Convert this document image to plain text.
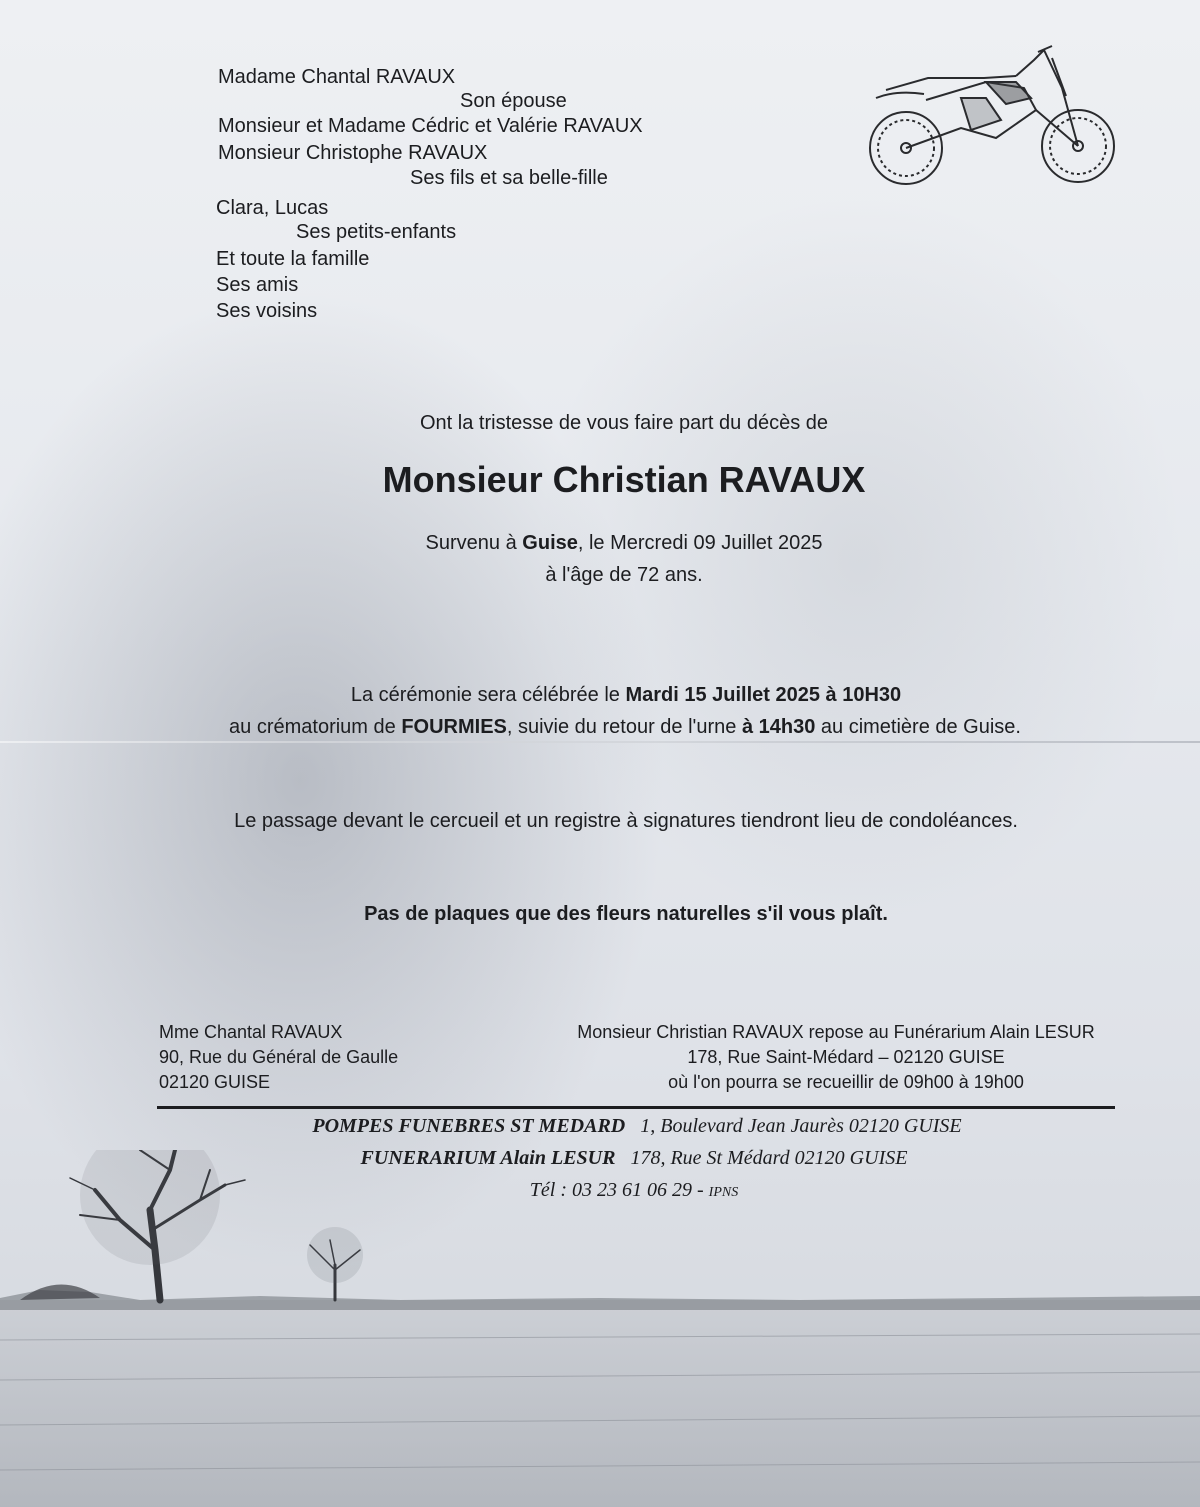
Madame Chantal RAVAUX
Son épouse
Monsieur et Madame Cédric et Valérie RAVAUX
Monsieur Christophe RAVAUX
Ses fils et sa belle-fille
Clara, Lucas
Ses petits-enfants
Et toute la famille
Ses amis
Ses voisins
Ont la tristesse de vous faire part du décès de
Monsieur Christian RAVAUX
Survenu à Guise, le Mercredi 09 Juillet 2025
à l'âge de 72 ans.
La cérémonie sera célébrée le Mardi 15 Juillet 2025 à 10H30
au crématorium de FOURMIES, suivie du retour de l'urne à 14h30 au cimetière de Guise.
Le passage devant le cercueil et un registre à signatures tiendront lieu de condoléances.
Pas de plaques que des fleurs naturelles s'il vous plaît.
Mme Chantal RAVAUX
90, Rue du Général de Gaulle
02120 GUISE
Monsieur Christian RAVAUX repose au Funérarium Alain LESUR
178, Rue Saint-Médard – 02120 GUISE
où l'on pourra se recueillir de 09h00 à 19h00
POMPES FUNEBRES ST MEDARD 1, Boulevard Jean Jaurès 02120 GUISE
FUNERARIUM Alain LESUR 178, Rue St Médard 02120 GUISE
Tél : 03 23 61 06 29 - IPNS
